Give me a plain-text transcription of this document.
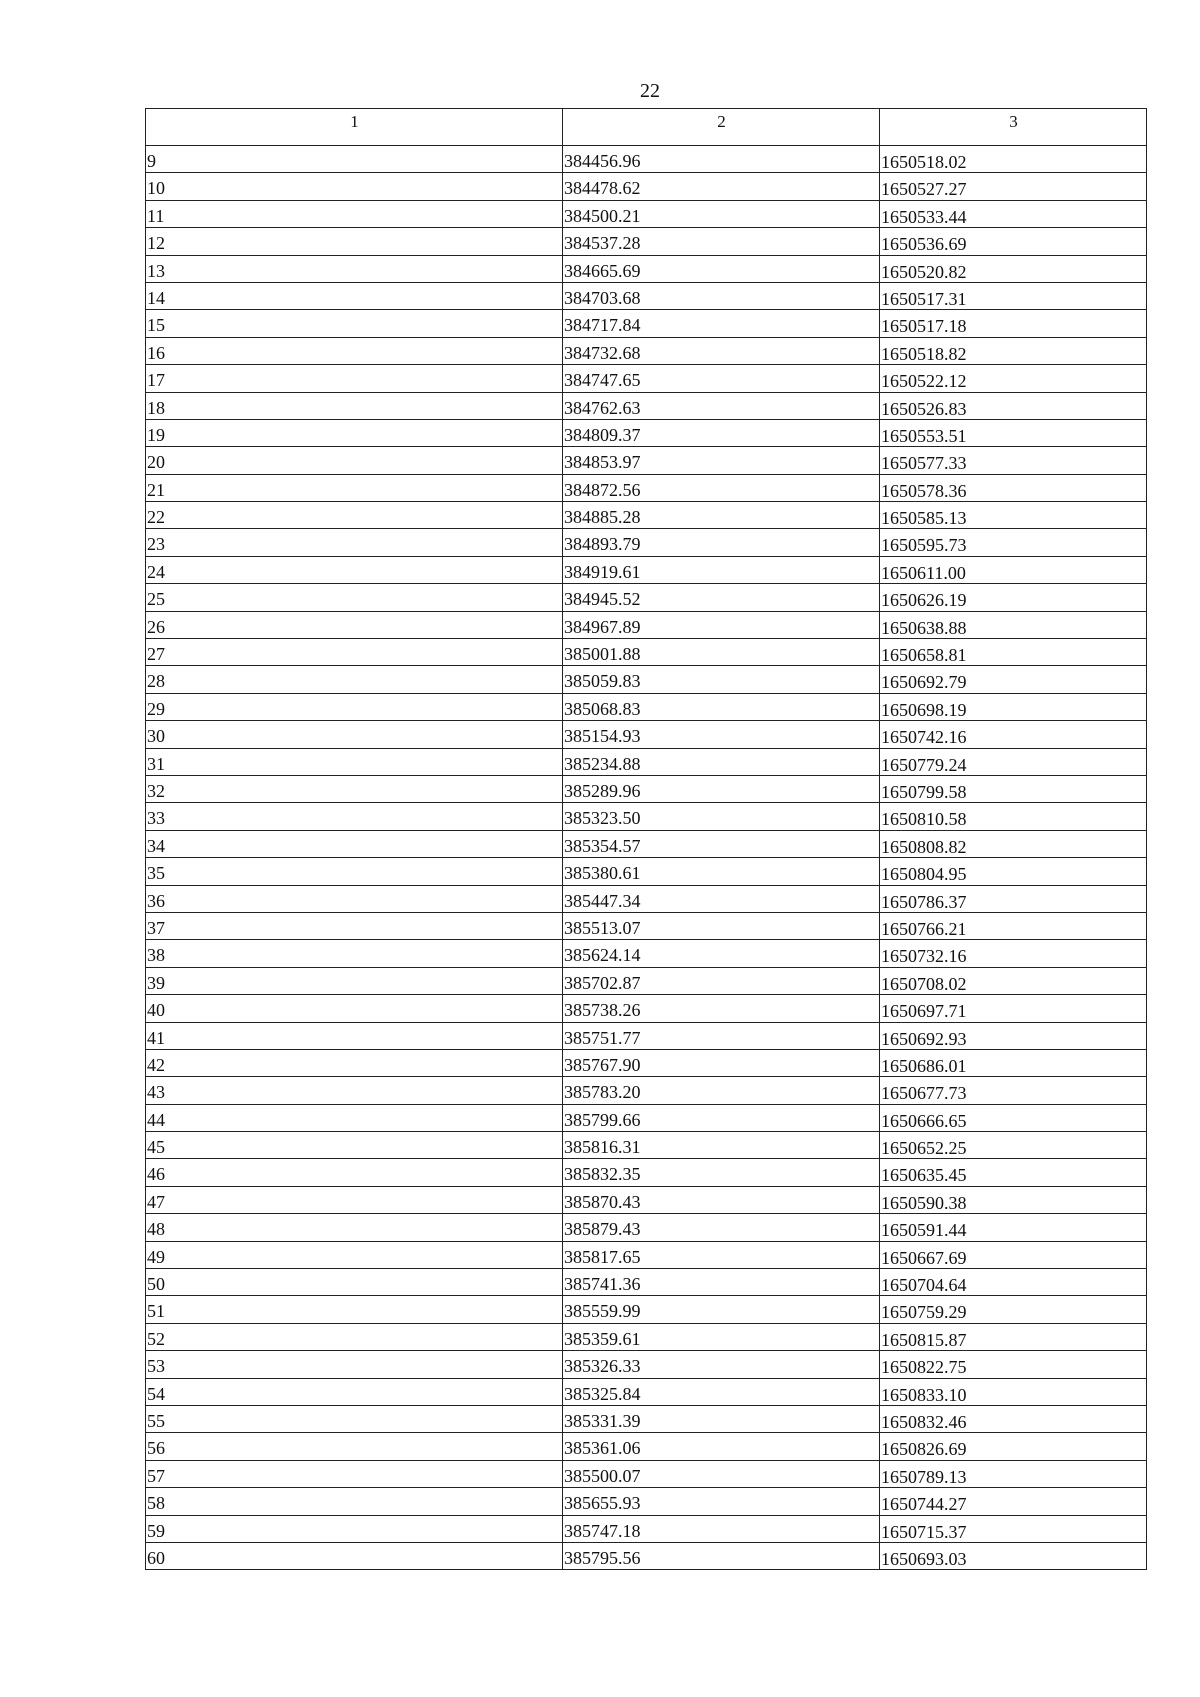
22
1	2	3
9	384456.96	1650518.02
10	384478.62	1650527.27
11	384500.21	1650533.44
12	384537.28	1650536.69
13	384665.69	1650520.82
14	384703.68	1650517.31
15	384717.84	1650517.18
16	384732.68	1650518.82
17	384747.65	1650522.12
18	384762.63	1650526.83
19	384809.37	1650553.51
20	384853.97	1650577.33
21	384872.56	1650578.36
22	384885.28	1650585.13
23	384893.79	1650595.73
24	384919.61	1650611.00
25	384945.52	1650626.19
26	384967.89	1650638.88
27	385001.88	1650658.81
28	385059.83	1650692.79
29	385068.83	1650698.19
30	385154.93	1650742.16
31	385234.88	1650779.24
32	385289.96	1650799.58
33	385323.50	1650810.58
34	385354.57	1650808.82
35	385380.61	1650804.95
36	385447.34	1650786.37
37	385513.07	1650766.21
38	385624.14	1650732.16
39	385702.87	1650708.02
40	385738.26	1650697.71
41	385751.77	1650692.93
42	385767.90	1650686.01
43	385783.20	1650677.73
44	385799.66	1650666.65
45	385816.31	1650652.25
46	385832.35	1650635.45
47	385870.43	1650590.38
48	385879.43	1650591.44
49	385817.65	1650667.69
50	385741.36	1650704.64
51	385559.99	1650759.29
52	385359.61	1650815.87
53	385326.33	1650822.75
54	385325.84	1650833.10
55	385331.39	1650832.46
56	385361.06	1650826.69
57	385500.07	1650789.13
58	385655.93	1650744.27
59	385747.18	1650715.37
60	385795.56	1650693.03
